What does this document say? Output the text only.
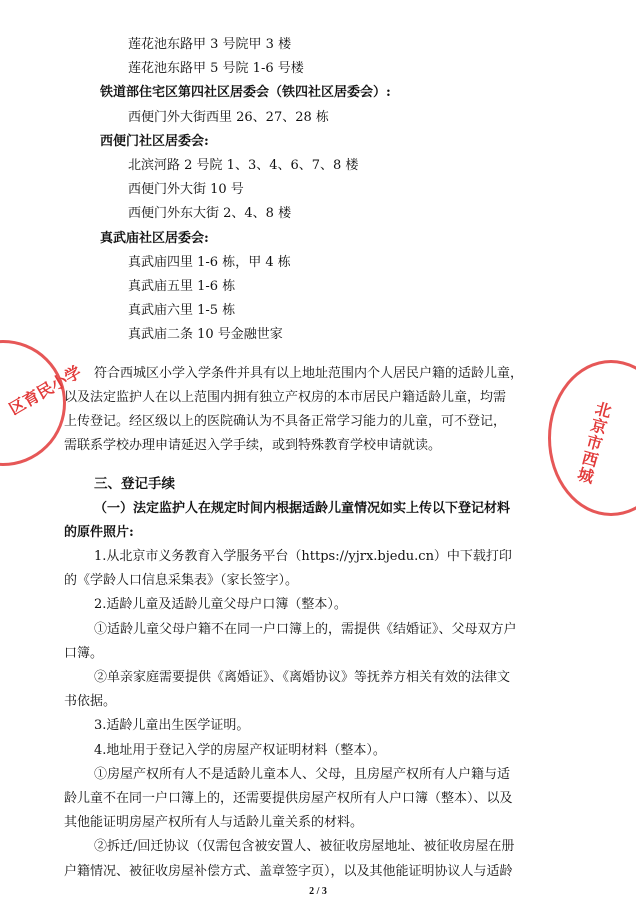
莲花池东路甲 3 号院甲 3 楼
莲花池东路甲 5 号院 1-6 号楼
铁道部住宅区第四社区居委会（铁四社区居委会）:
西便门外大街西里 26、27、28 栋
西便门社区居委会:
北滨河路 2 号院 1、3、4、6、7、8 楼
西便门外大街 10 号
西便门外东大街 2、4、8 楼
真武庙社区居委会:
真武庙四里 1-6 栋，甲 4 栋
真武庙五里 1-6 栋
真武庙六里 1-5 栋
真武庙二条 10 号金融世家
符合西城区小学入学条件并具有以上地址范围内个人居民户籍的适龄儿童，
以及法定监护人在以上范围内拥有独立产权房的本市居民户籍适龄儿童，均需
上传登记。经区级以上的医院确认为不具备正常学习能力的儿童，可不登记，
需联系学校办理申请延迟入学手续，或到特殊教育学校申请就读。
三、登记手续
（一）法定监护人在规定时间内根据适龄儿童情况如实上传以下登记材料
的原件照片:
1.从北京市义务教育入学服务平台（https://yjrx.bjedu.cn）中下载打印
的《学龄人口信息采集表》（家长签字）。
2.适龄儿童及适龄儿童父母户口簿（整本）。
①适龄儿童父母户籍不在同一户口簿上的，需提供《结婚证》、父母双方户
口簿。
②单亲家庭需要提供《离婚证》、《离婚协议》等抚养方相关有效的法律文
书依据。
3.适龄儿童出生医学证明。
4.地址用于登记入学的房屋产权证明材料（整本）。
①房屋产权所有人不是适龄儿童本人、父母，且房屋产权所有人户籍与适
龄儿童不在同一户口簿上的，还需要提供房屋产权所有人户口簿（整本）、以及
其他能证明房屋产权所有人与适龄儿童关系的材料。
②拆迁/回迁协议（仅需包含被安置人、被征收房屋地址、被征收房屋在册
户籍情况、被征收房屋补偿方式、盖章签字页），以及其他能证明协议人与适龄
区育民小学
北京市西城
2 / 3
